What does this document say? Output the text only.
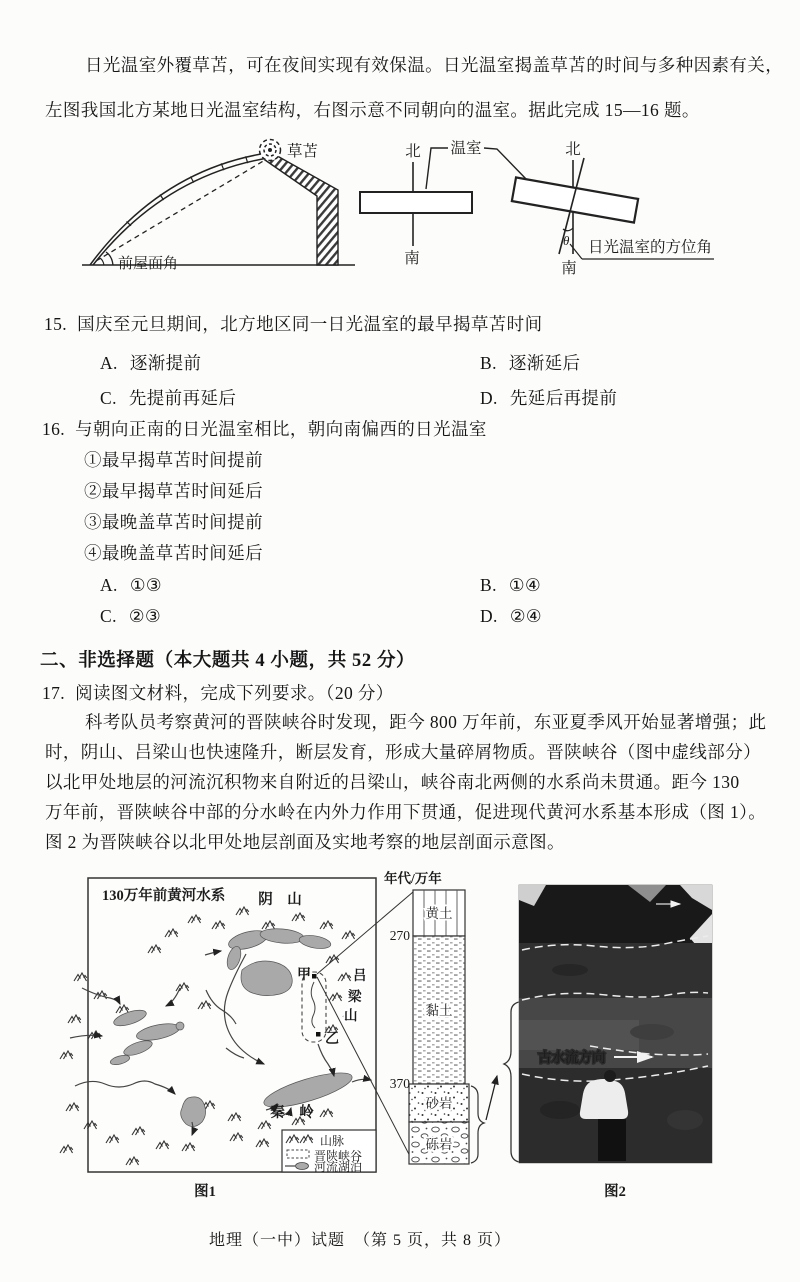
日光温室外覆草苫，可在夜间实现有效保温。日光温室揭盖草苫的时间与多种因素有关，
左图我国北方某地日光温室结构，右图示意不同朝向的温室。据此完成 15—16 题。
前屋面角
草苫	北
南
温室	北
南
θ 日光温室的方位角
15. 国庆至元旦期间，北方地区同一日光温室的最早揭草苫时间
A. 逐渐提前	B. 逐渐延后
C. 先提前再延后	D. 先延后再提前
16. 与朝向正南的日光温室相比，朝向南偏西的日光温室
①最早揭草苫时间提前
②最早揭草苫时间延后
③最晚盖草苫时间提前
④最晚盖草苫时间延后
A. ①③	B. ①④
C. ②③	D. ②④
二、非选择题（本大题共 4 小题，共 52 分）
17. 阅读图文材料，完成下列要求。（20 分）
科考队员考察黄河的晋陕峡谷时发现，距今 800 万年前，东亚夏季风开始显著增强；此
时，阴山、吕梁山也快速隆升，断层发育，形成大量碎屑物质。晋陕峡谷（图中虚线部分）
以北甲处地层的河流沉积物来自附近的吕梁山，峡谷南北两侧的水系尚未贯通。距今 130
万年前，晋陕峡谷中部的分水岭在内外力作用下贯通，促进现代黄河水系基本形成（图 1）。
图 2 为晋陕峡谷以北甲处地层剖面及实地考察的地层剖面示意图。
130万年前黄河水系
甲
乙
阴　山
秦　岭
吕
梁
山
山脉
晋陕峡谷
河流湖泊
年代/万年
黄土
黏土
砂岩
砾岩
270
370
N
古水流方向
图1	图2
地理（一中）试题　（第 5 页，共 8 页）
